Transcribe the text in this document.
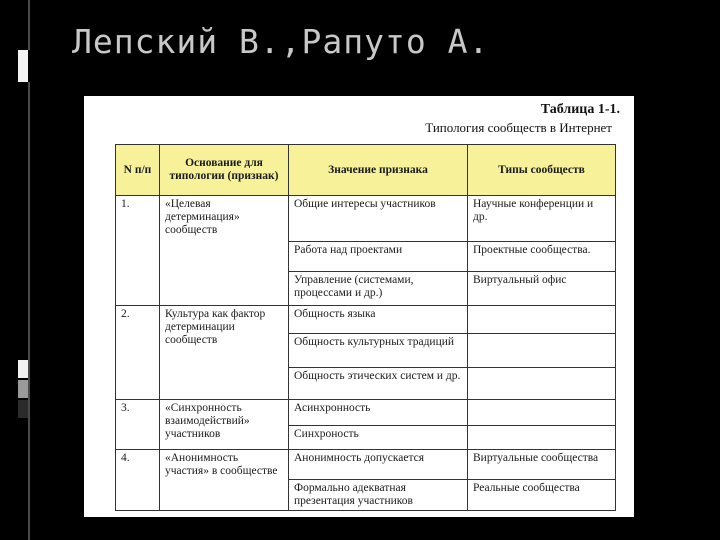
Лепский В.,Рапуто А.
Таблица 1-1.
Типология сообществ в Интернет
N п/п	Основание для типологии (признак)	Значение признака	Типы сообществ
1.	«Целевая детерминация» сообществ	Общие интересы участников	Научные конференции и др.
		Работа над проектами	Проектные сообщества.
		Управление (системами, процессами и др.)	Виртуальный офис
2.	Культура как фактор детерминации сообществ	Общность языка	
		Общность культурных традиций	
		Общность этических систем и др.	
3.	«Синхронность взаимодействий» участников	Асинхронность	
		Синхроность	
4.	«Анонимность участия» в сообществе	Анонимность допускается	Виртуальные сообщества
		Формально адекватная презентация участников	Реальные сообщества
